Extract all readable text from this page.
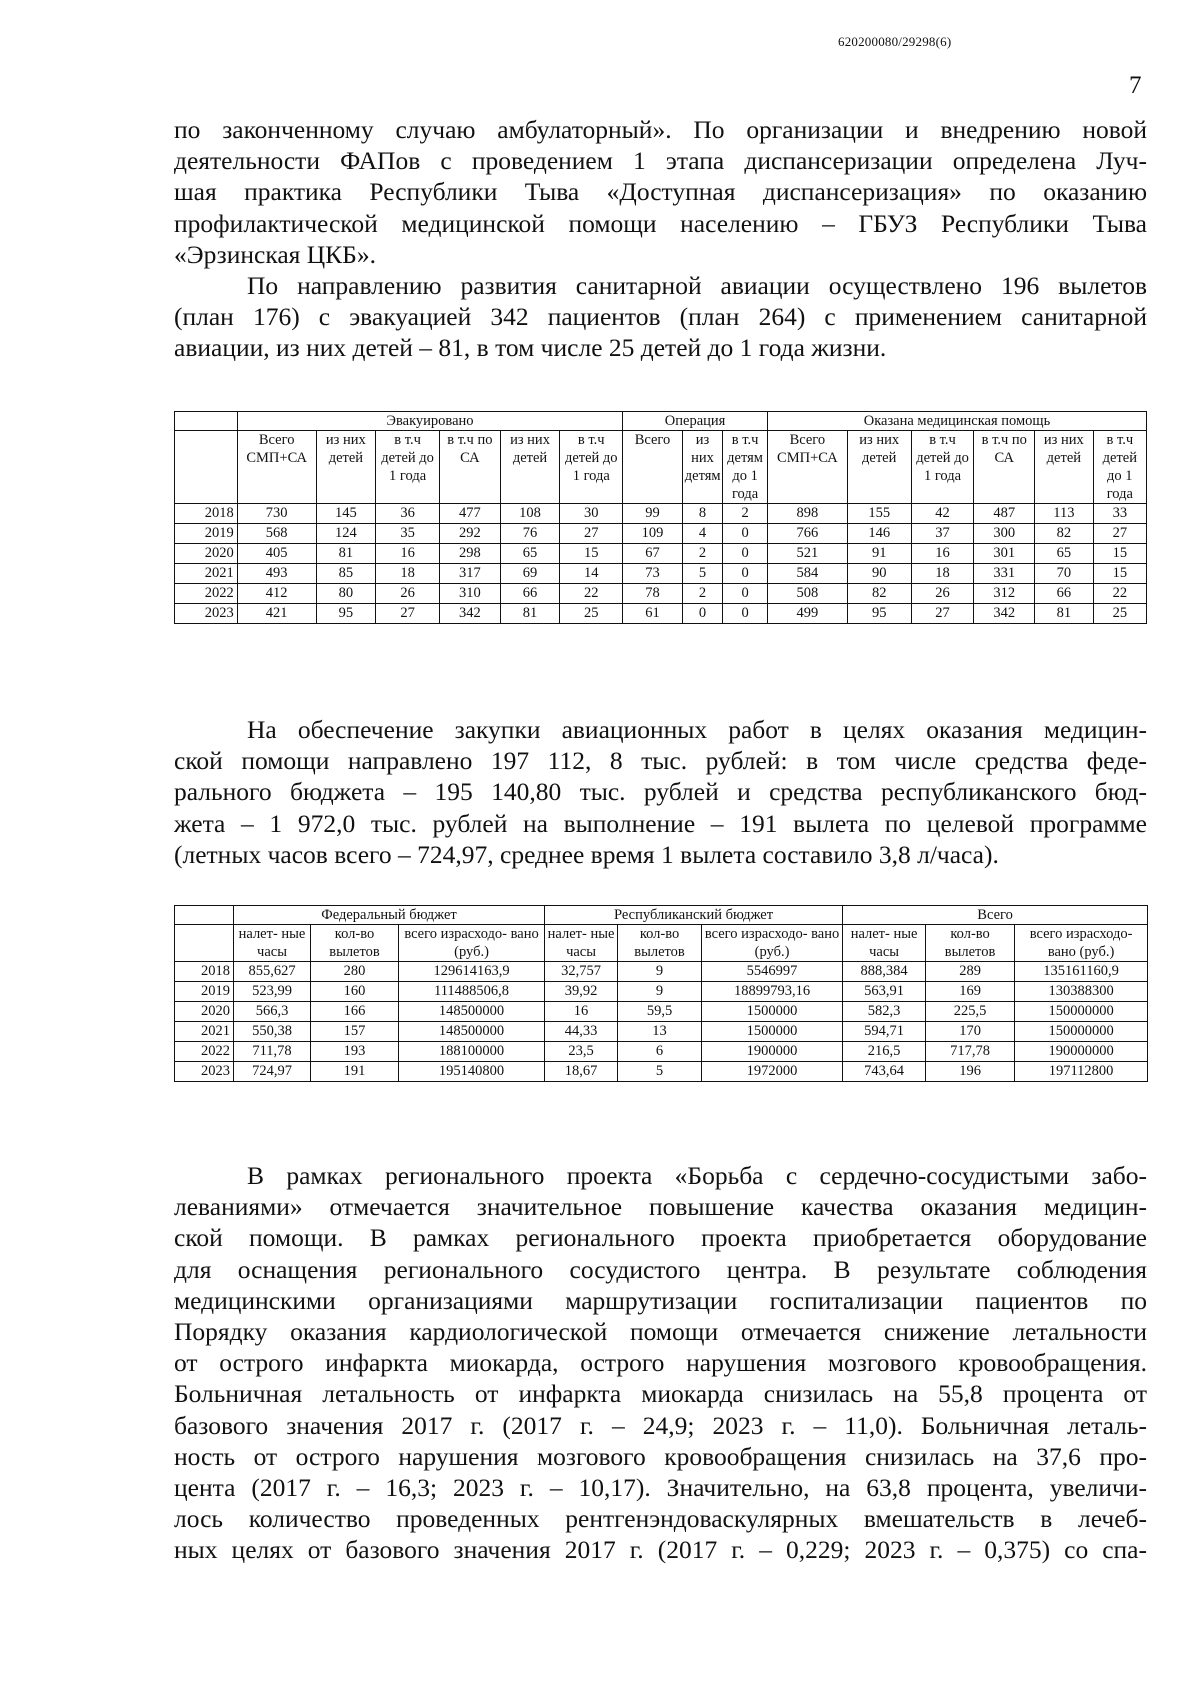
620200080/29298(6)
7

по законченному случаю амбулаторный». По организации и внедрению новой
деятельности ФАПов с проведением 1 этапа диспансеризации определена Луч-
шая практика Республики Тыва «Доступная диспансеризация» по оказанию
профилактической медицинской помощи населению – ГБУЗ Республики Тыва
«Эрзинская ЦКБ».

По направлению развития санитарной авиации осуществлено 196 вылетов
(план 176) с эвакуацией 342 пациентов (план 264) с применением санитарной
авиации, из них детей – 81, в том числе 25 детей до 1 года жизни.

	Эвакуировано						Операция			Оказана медицинская помощь					
	Всего СМП+СА	из них детей	в т.ч детей до 1 года	в т.ч по СА	из них детей	в т.ч детей до 1 года	Всего	из них детям	в т.ч детям до 1 года	Всего СМП+СА	из них детей	в т.ч детей до 1 года	в т.ч по СА	из них детей	в т.ч детей до 1 года
2018	730	145	36	477	108	30	99	8	2	898	155	42	487	113	33
2019	568	124	35	292	76	27	109	4	0	766	146	37	300	82	27
2020	405	81	16	298	65	15	67	2	0	521	91	16	301	65	15
2021	493	85	18	317	69	14	73	5	0	584	90	18	331	70	15
2022	412	80	26	310	66	22	78	2	0	508	82	26	312	66	22
2023	421	95	27	342	81	25	61	0	0	499	95	27	342	81	25

На обеспечение закупки авиационных работ в целях оказания медицин-
ской помощи направлено 197 112, 8 тыс. рублей: в том числе средства феде-
рального бюджета – 195 140,80 тыс. рублей и средства республиканского бюд-
жета – 1 972,0 тыс. рублей на выполнение – 191 вылета по целевой программе
(летных часов всего – 724,97, среднее время 1 вылета составило 3,8 л/часа).

	Федеральный бюджет			Республиканский бюджет			Всего		
	налет- ные часы	кол-во вылетов	всего израсходо- вано (руб.)	налет- ные часы	кол-во вылетов	всего израсходо- вано (руб.)	налет- ные часы	кол-во вылетов	всего израсходо- вано (руб.)
2018	855,627	280	129614163,9	32,757	9	5546997	888,384	289	135161160,9
2019	523,99	160	111488506,8	39,92	9	18899793,16	563,91	169	130388300
2020	566,3	166	148500000	16	59,5	1500000	582,3	225,5	150000000
2021	550,38	157	148500000	44,33	13	1500000	594,71	170	150000000
2022	711,78	193	188100000	23,5	6	1900000	216,5	717,78	190000000
2023	724,97	191	195140800	18,67	5	1972000	743,64	196	197112800

В рамках регионального проекта «Борьба с сердечно-сосудистыми забо-
леваниями» отмечается значительное повышение качества оказания медицин-
ской помощи. В рамках регионального проекта приобретается оборудование
для оснащения регионального сосудистого центра. В результате соблюдения
медицинскими организациями маршрутизации госпитализации пациентов по
Порядку оказания кардиологической помощи отмечается снижение летальности
от острого инфаркта миокарда, острого нарушения мозгового кровообращения.
Больничная летальность от инфаркта миокарда снизилась на 55,8 процента от
базового значения 2017 г. (2017 г. – 24,9; 2023 г. – 11,0). Больничная леталь-
ность от острого нарушения мозгового кровообращения снизилась на 37,6 про-
цента (2017 г. – 16,3; 2023 г. – 10,17). Значительно, на 63,8 процента, увеличи-
лось количество проведенных рентгенэндоваскулярных вмешательств в лечеб-
ных целях от базового значения 2017 г. (2017 г. – 0,229; 2023 г. – 0,375) со спа-
